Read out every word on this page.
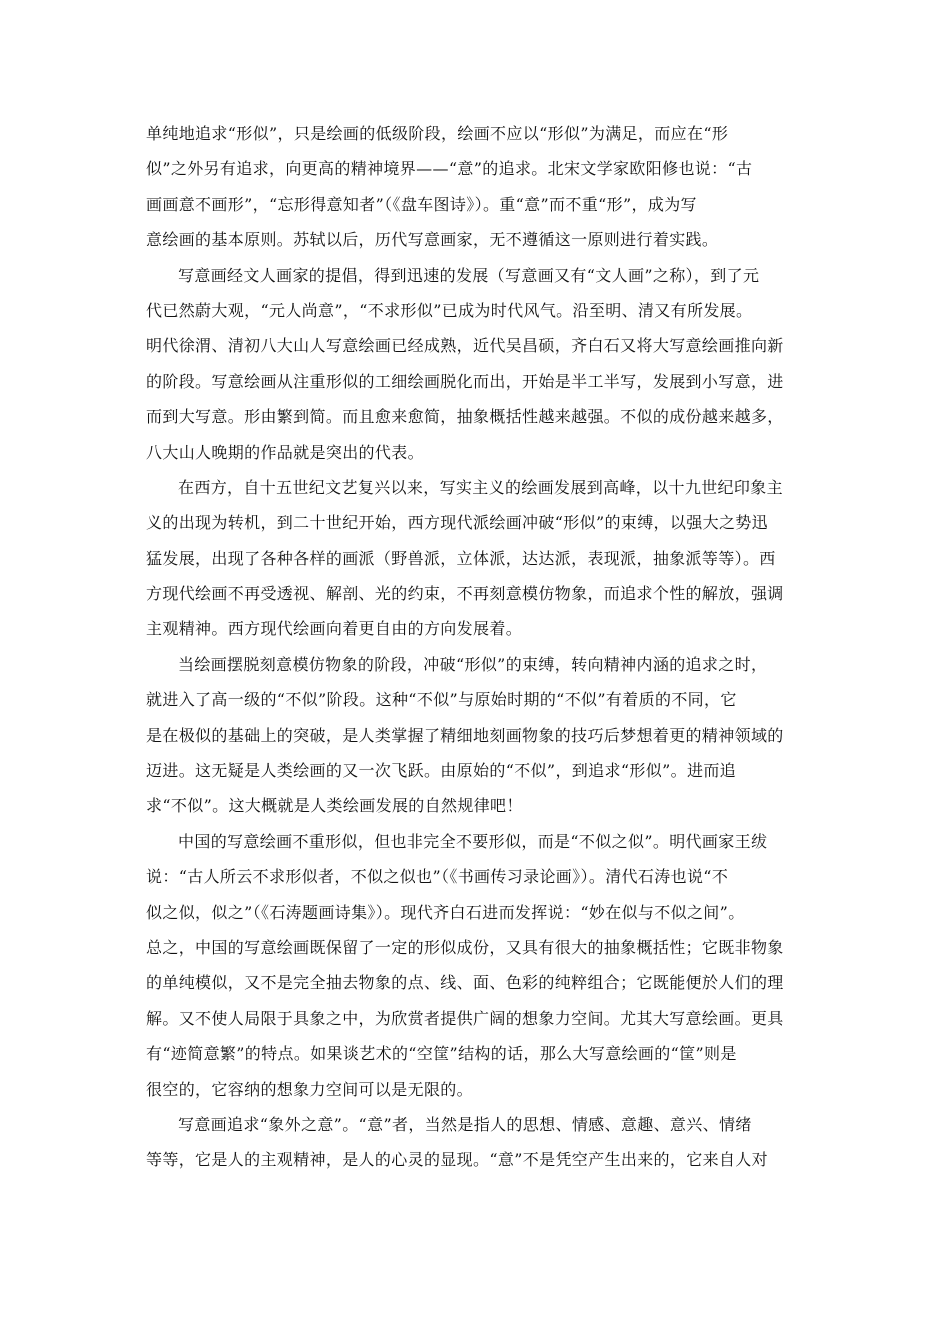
单纯地追求“形似”，只是绘画的低级阶段，绘画不应以“形似”为满足，而应在“形
似”之外另有追求，向更高的精神境界——“意”的追求。北宋文学家欧阳修也说：“古
画画意不画形”，“忘形得意知者”（《盘车图诗》）。重“意”而不重“形”，成为写
意绘画的基本原则。苏轼以后，历代写意画家，无不遵循这一原则进行着实践。
写意画经文人画家的提倡，得到迅速的发展（写意画又有“文人画”之称），到了元
代已然蔚大观，“元人尚意”，“不求形似”已成为时代风气。沿至明、清又有所发展。
明代徐渭、清初八大山人写意绘画已经成熟，近代吴昌硕，齐白石又将大写意绘画推向新
的阶段。写意绘画从注重形似的工细绘画脱化而出，开始是半工半写，发展到小写意，进
而到大写意。形由繁到简。而且愈来愈简，抽象概括性越来越强。不似的成份越来越多，
八大山人晚期的作品就是突出的代表。
在西方，自十五世纪文艺复兴以来，写实主义的绘画发展到高峰，以十九世纪印象主
义的出现为转机，到二十世纪开始，西方现代派绘画冲破“形似”的束缚，以强大之势迅
猛发展，出现了各种各样的画派（野兽派，立体派，达达派，表现派，抽象派等等）。西
方现代绘画不再受透视、解剖、光的约束，不再刻意模仿物象，而追求个性的解放，强调
主观精神。西方现代绘画向着更自由的方向发展着。
当绘画摆脱刻意模仿物象的阶段，冲破“形似”的束缚，转向精神内涵的追求之时，
就进入了高一级的“不似”阶段。这种“不似”与原始时期的“不似”有着质的不同，它
是在极似的基础上的突破，是人类掌握了精细地刻画物象的技巧后梦想着更的精神领域的
迈进。这无疑是人类绘画的又一次飞跃。由原始的“不似”，到追求“形似”。进而追
求“不似”。这大概就是人类绘画发展的自然规律吧！
中国的写意绘画不重形似，但也非完全不要形似，而是“不似之似”。明代画家王绂
说：“古人所云不求形似者，不似之似也”（《书画传习录论画》）。清代石涛也说“不
似之似，似之”（《石涛题画诗集》）。现代齐白石进而发挥说：“妙在似与不似之间”。
总之，中国的写意绘画既保留了一定的形似成份，又具有很大的抽象概括性；它既非物象
的单纯模似，又不是完全抽去物象的点、线、面、色彩的纯粹组合；它既能便於人们的理
解。又不使人局限于具象之中，为欣赏者提供广阔的想象力空间。尤其大写意绘画。更具
有“迹简意繁”的特点。如果谈艺术的“空筐”结构的话，那么大写意绘画的“筐”则是
很空的，它容纳的想象力空间可以是无限的。
写意画追求“象外之意”。“意”者，当然是指人的思想、情感、意趣、意兴、情绪
等等，它是人的主观精神，是人的心灵的显现。“意”不是凭空产生出来的，它来自人对
